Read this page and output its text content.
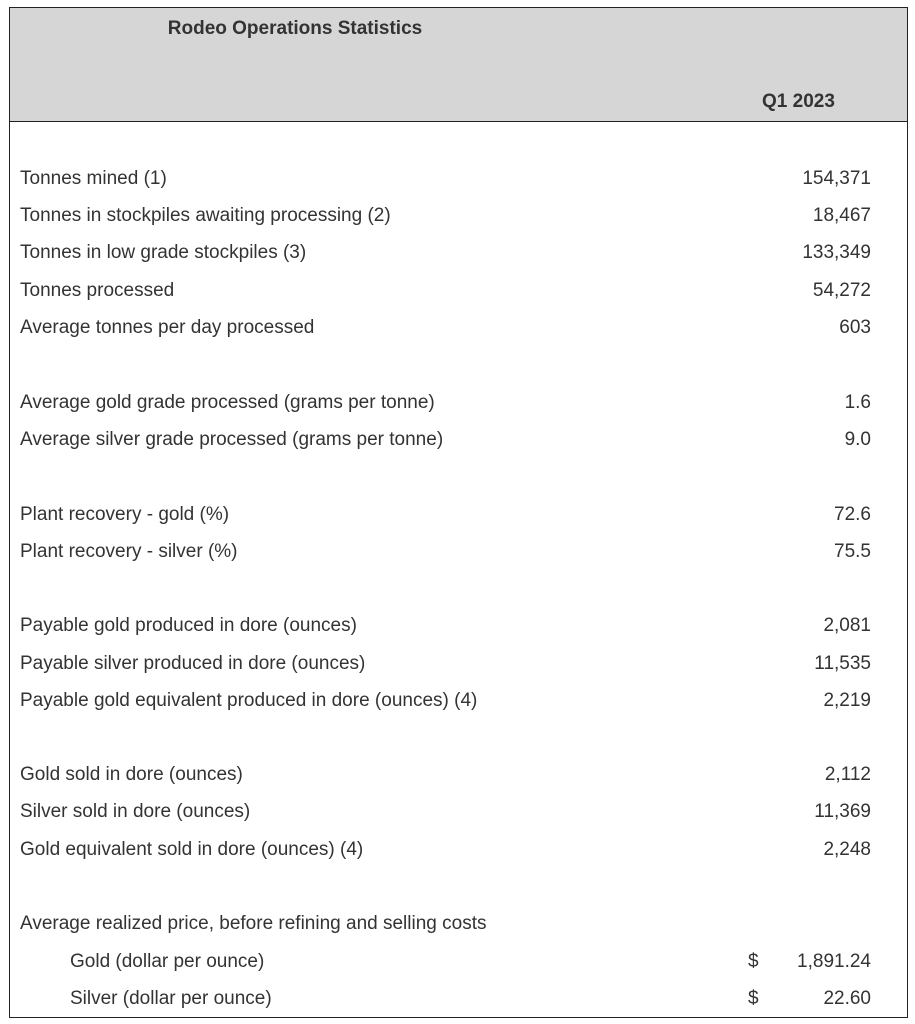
Rodeo Operations Statistics
Q1 2023
Tonnes mined (1)	154,371
Tonnes in stockpiles awaiting processing (2)	18,467
Tonnes in low grade stockpiles (3)	133,349
Tonnes processed	54,272
Average tonnes per day processed	603
Average gold grade processed (grams per tonne)	1.6
Average silver grade processed (grams per tonne)	9.0
Plant recovery - gold (%)	72.6
Plant recovery - silver (%)	75.5
Payable gold produced in dore (ounces)	2,081
Payable silver produced in dore (ounces)	11,535
Payable gold equivalent produced in dore (ounces) (4)	2,219
Gold sold in dore (ounces)	2,112
Silver sold in dore (ounces)	11,369
Gold equivalent sold in dore (ounces) (4)	2,248
Average realized price, before refining and selling costs
Gold (dollar per ounce)	$ 1,891.24
Silver (dollar per ounce)	$	22.60
